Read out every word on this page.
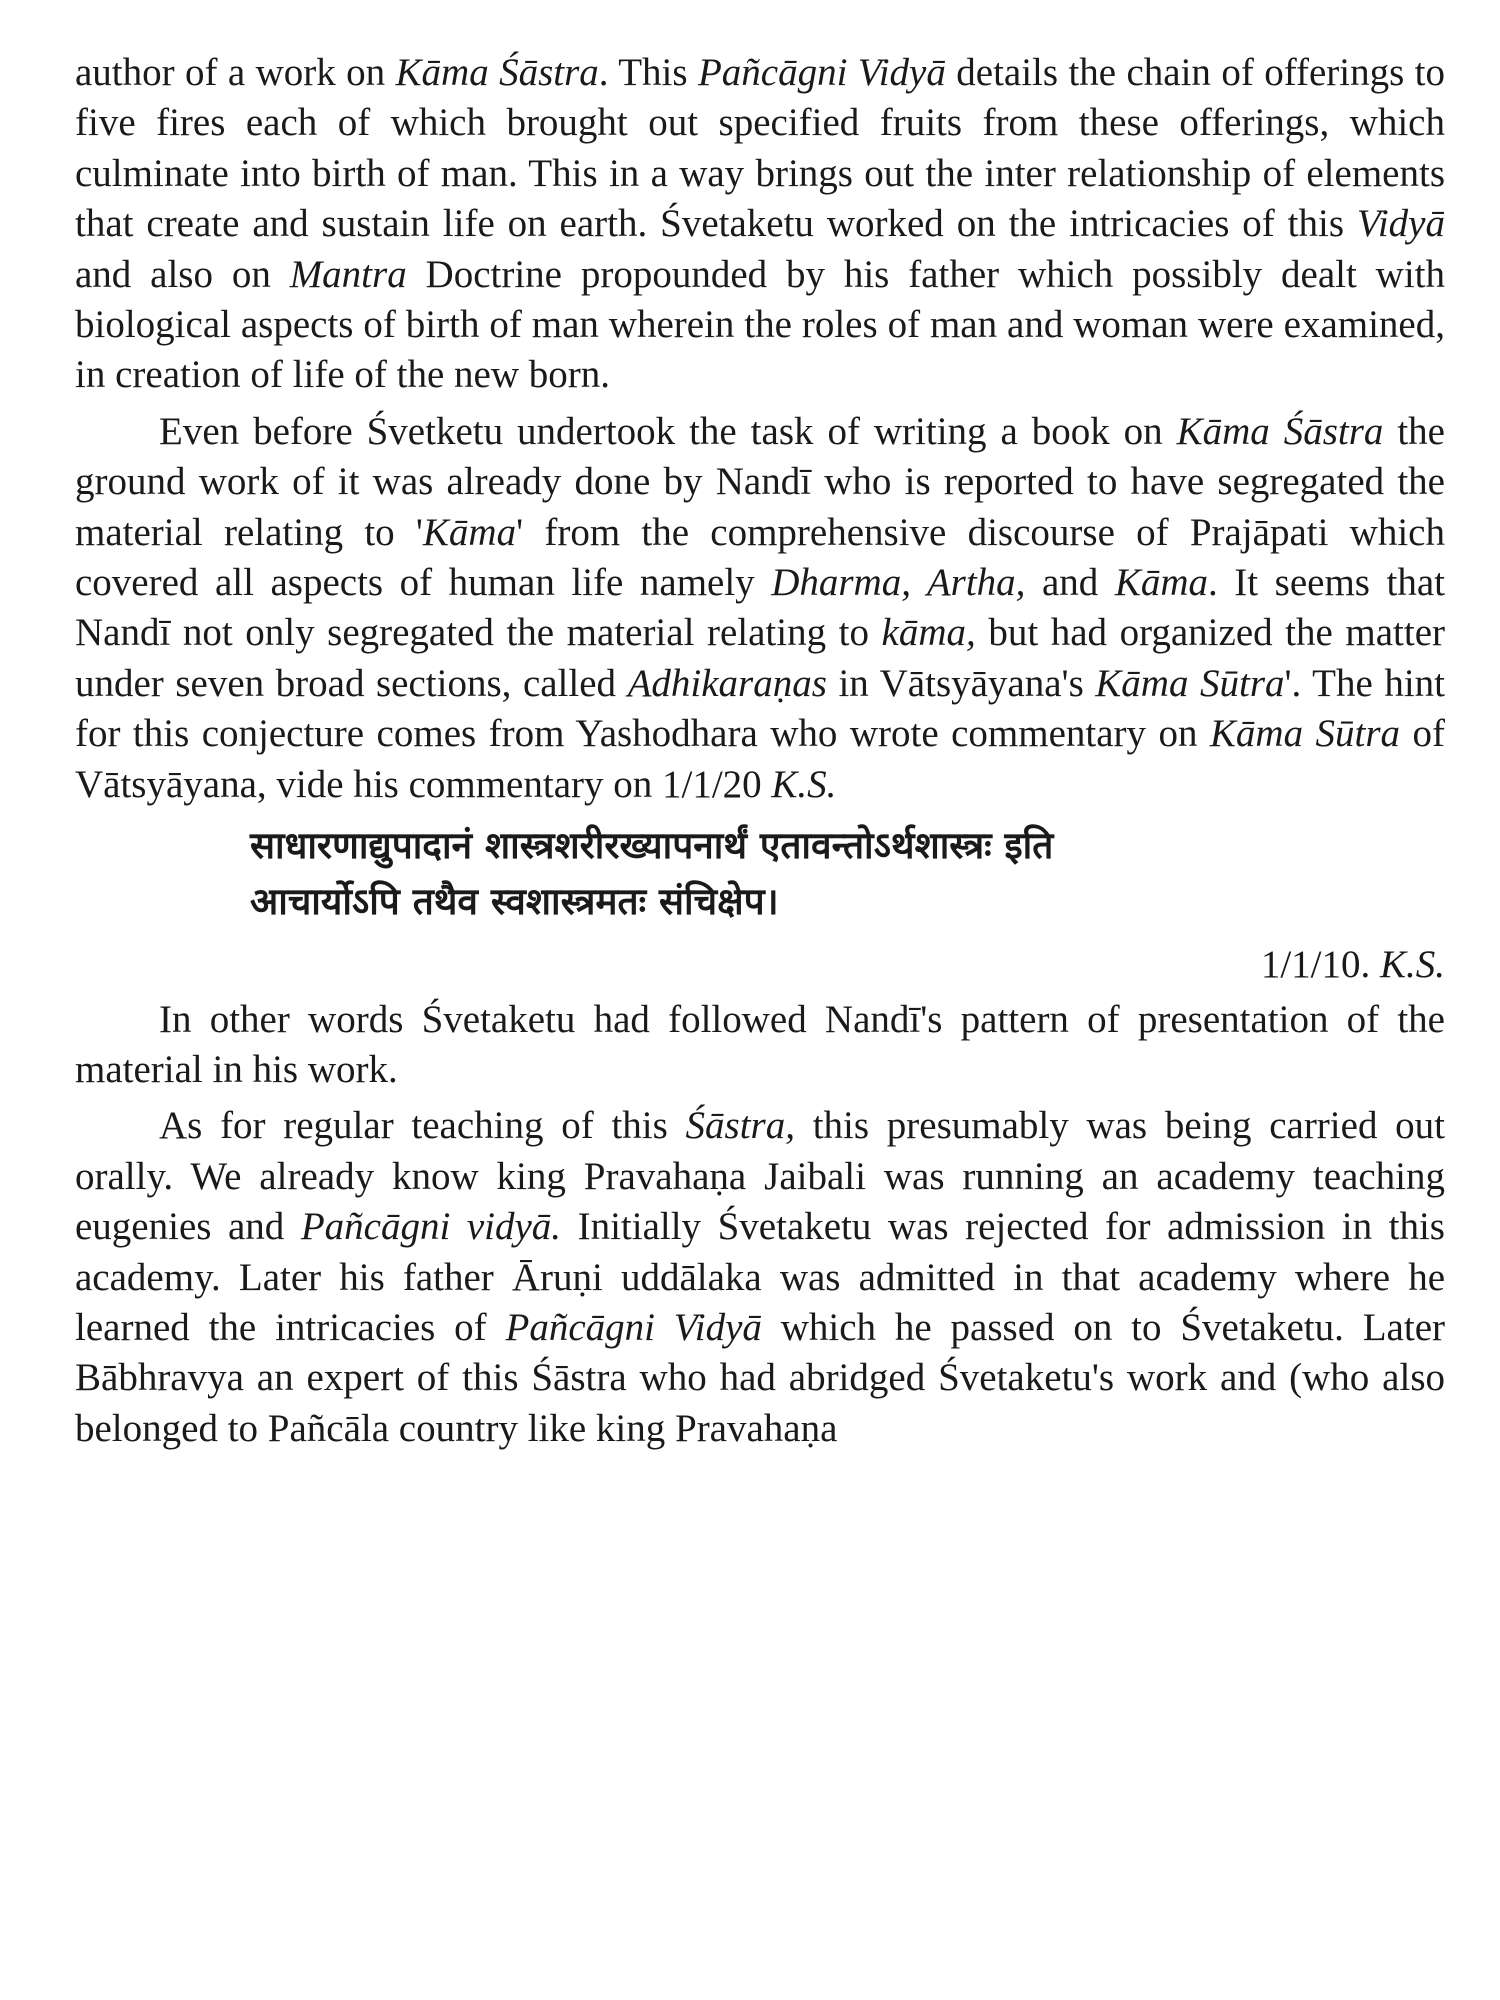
author of a work on Kāma Śāstra. This Pañcāgni Vidyā details the chain of offerings to five fires each of which brought out specified fruits from these offerings, which culminate into birth of man. This in a way brings out the inter relationship of elements that create and sustain life on earth. Śvetaketu worked on the intricacies of this Vidyā and also on Mantra Doctrine propounded by his father which possibly dealt with biological aspects of birth of man wherein the roles of man and woman were examined, in creation of life of the new born.

Even before Śvetketu undertook the task of writing a book on Kāma Śāstra the ground work of it was already done by Nandī who is reported to have segregated the material relating to 'Kāma' from the comprehensive discourse of Prajāpati which covered all aspects of human life namely Dharma, Artha, and Kāma. It seems that Nandī not only segregated the material relating to kāma, but had organized the matter under seven broad sections, called Adhikaraṇas in Vātsyāyana's Kāma Sūtra'. The hint for this conjecture comes from Yashodhara who wrote commentary on Kāma Sūtra of Vātsyāyana, vide his commentary on 1/1/20 K.S.

साधारणाद्युपादानं शास्त्रशरीरख्यापनार्थं एतावन्तोऽर्थशास्त्रः इति
आचार्योऽपि तथैव स्वशास्त्रमतः संचिक्षेप।
1/1/10. K.S.

In other words Śvetaketu had followed Nandī's pattern of presentation of the material in his work.

As for regular teaching of this Śāstra, this presumably was being carried out orally. We already know king Pravahaṇa Jaibali was running an academy teaching eugenies and Pañcāgni vidyā. Initially Śvetaketu was rejected for admission in this academy. Later his father Āruṇi uddālaka was admitted in that academy where he learned the intricacies of Pañcāgni Vidyā which he passed on to Śvetaketu. Later Bābhravya an expert of this Śāstra who had abridged Śvetaketu's work and (who also belonged to Pañcāla country like king Pravahaṇa
